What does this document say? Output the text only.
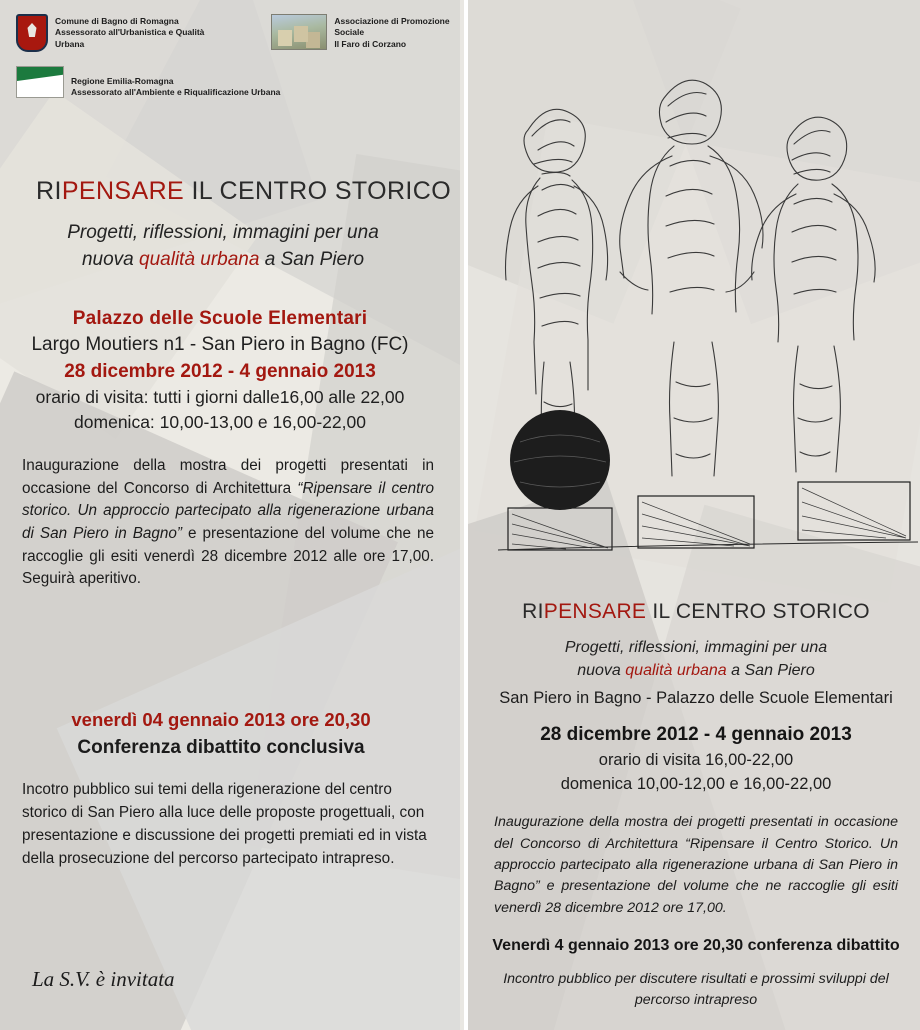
Comune di Bagno di Romagna
Assessorato all'Urbanistica e Qualità Urbana
Associazione di Promozione Sociale
Il Faro di Corzano
Regione Emilia-Romagna
Assessorato all'Ambiente e Riqualificazione Urbana
RIPENSARE IL CENTRO STORICO
Progetti, riflessioni, immagini per una
nuova qualità urbana a San Piero
Palazzo delle Scuole Elementari
Largo Moutiers n1 - San Piero in Bagno (FC)
28 dicembre 2012 - 4 gennaio 2013
orario di visita: tutti i giorni dalle16,00 alle 22,00
domenica: 10,00-13,00 e 16,00-22,00
Inaugurazione della mostra dei progetti presentati in occasione del Concorso di Architettura “Ripensare il centro storico. Un approccio partecipato alla rigenerazione urbana di San Piero in Bagno” e presentazione del volume che ne raccoglie gli esiti venerdì 28 dicembre 2012 alle ore 17,00. Seguirà aperitivo.
venerdì 04 gennaio 2013 ore 20,30
Conferenza dibattito conclusiva
Incotro pubblico sui temi della rigenerazione del centro storico di San Piero alla luce delle proposte progettuali, con presentazione e discussione dei progetti premiati ed in vista della prosecuzione del percorso partecipato intrapreso.
La S.V. è invitata
RIPENSARE IL CENTRO STORICO
Progetti, riflessioni, immagini per una
nuova qualità urbana a San Piero
San Piero in Bagno - Palazzo delle Scuole Elementari
28 dicembre 2012 - 4 gennaio 2013
orario di visita 16,00-22,00
domenica 10,00-12,00 e 16,00-22,00
Inaugurazione della mostra dei progetti presentati in occasione del Concorso di Architettura “Ripensare il Centro Storico. Un approccio partecipato alla rigenerazione urbana di San Piero in Bagno” e presentazione del volume che ne raccoglie gli esiti venerdì 28 dicembre 2012 ore 17,00.
Venerdì 4 gennaio 2013 ore 20,30 conferenza dibattito
Incontro pubblico per discutere risultati e prossimi sviluppi del percorso intrapreso
